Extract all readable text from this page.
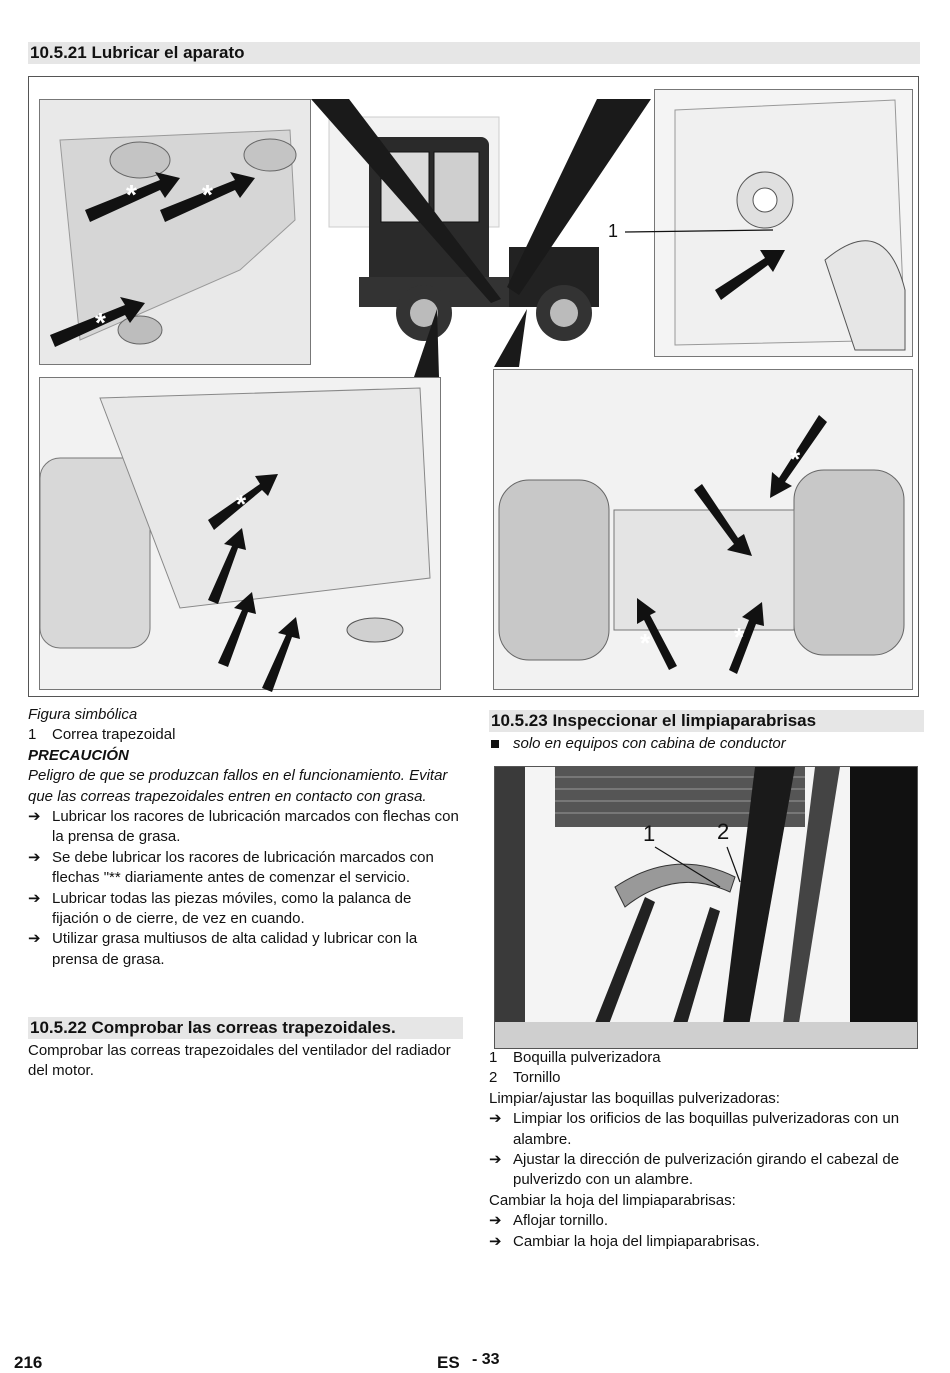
10.5.21 Lubricar el aparato
* *
*
1
*
*
*	*

Figura simbólica

1 Correa trapezoidal

PRECAUCIÓN

Peligro de que se produzcan fallos en el funcionamiento. Evitar que las correas trapezoidales entren en contacto con grasa.

➔ Lubricar los racores de lubricación marcados con flechas con la prensa de grasa.

➔ Se debe lubricar los racores de lubricación marcados con flechas "** diariamente antes de comenzar el servicio.

➔ Lubricar todas las piezas móviles, como la palanca de fijación o de cierre, de vez en cuando.

➔ Utilizar grasa multiusos de alta calidad y lubricar con la prensa de grasa.

10.5.22 Comprobar las correas trapezoidales.

Comprobar las correas trapezoidales del ventilador del radiador del motor.

10.5.23 Inspeccionar el limpiaparabrisas

solo en equipos con cabina de conductor

1	2

1 Boquilla pulverizadora

2 Tornillo

Limpiar/ajustar las boquillas pulverizadoras:

➔ Limpiar los orificios de las boquillas pulverizadoras con un alambre.

➔ Ajustar la dirección de pulverización girando el cabezal de pulverizdo con un alambre.

Cambiar la hoja del limpiaparabrisas:

➔ Aflojar tornillo.

➔ Cambiar la hoja del limpiaparabrisas.

216	ES - 33
